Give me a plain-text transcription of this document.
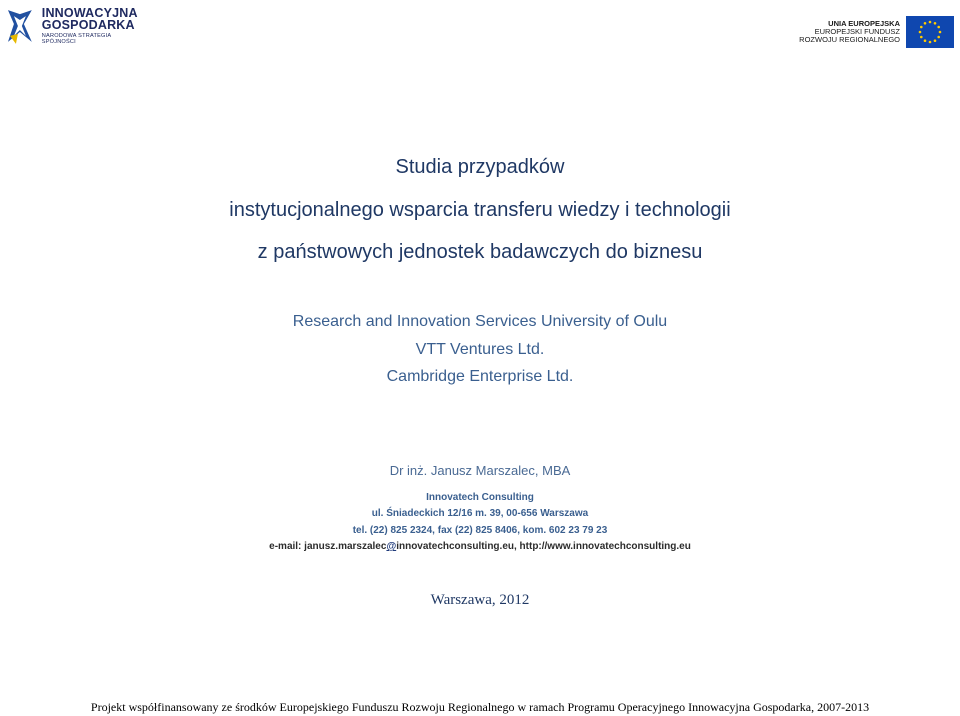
INNOWACYJNA
GOSPODARKA
NARODOWA STRATEGIA SPÓJNOŚCI
UNIA EUROPEJSKA
EUROPEJSKI FUNDUSZ
ROZWOJU REGIONALNEGO
Studia przypadków
instytucjonalnego wsparcia transferu wiedzy i technologii
z państwowych jednostek badawczych do biznesu
Research and Innovation Services University of Oulu
VTT Ventures Ltd.
Cambridge Enterprise Ltd.
Dr inż. Janusz Marszalec, MBA
Innovatech Consulting
ul. Śniadeckich 12/16 m. 39, 00-656 Warszawa
tel. (22) 825 2324, fax (22) 825 8406, kom. 602 23 79 23
e-mail: janusz.marszalec@innovatechconsulting.eu, http://www.innovatechconsulting.eu
Warszawa, 2012
Projekt współfinansowany ze środków Europejskiego Funduszu Rozwoju Regionalnego w ramach Programu Operacyjnego Innowacyjna Gospodarka, 2007-2013
